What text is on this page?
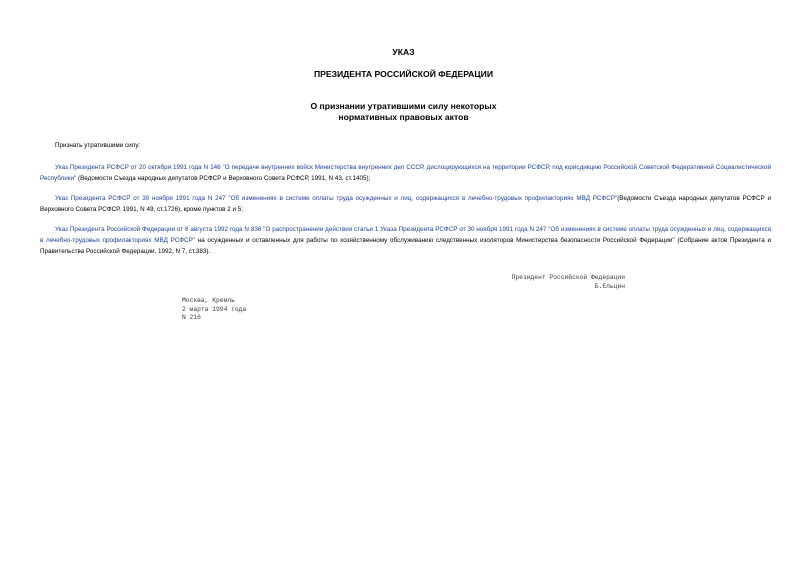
УКАЗ
ПРЕЗИДЕНТА РОССИЙСКОЙ ФЕДЕРАЦИИ
О признании утратившими силу некоторых
нормативных правовых актов

Признать утратившими силу:

Указ Президента РСФСР от 20 октября 1991 года N 146 "О передаче внутренних войск Министерства внутренних дел СССР, дислоцирующихся на территории РСФСР, под юрисдикцию Российской Советской Федеративной Социалистической Республики" (Ведомости Съезда народных депутатов РСФСР и Верховного Совета РСФСР, 1991, N 43, ст.1405);

Указ Президента РСФСР от 30 ноября 1991 года N 247 "Об изменениях в системе оплаты труда осужденных и лиц, содержащихся в лечебно-трудовых профилакториях МВД РСФСР"(Ведомости Съезда народных депутатов РСФСР и Верховного Совета РСФСР, 1991, N 49, ст.1726), кроме пунктов 2 и 5;

Указ Президента Российской Федерации от 6 августа 1992 года N 836 "О распространении действия статьи 1 Указа Президента РСФСР от 30 ноября 1991 года N 247 "Об изменениях в системе оплаты труда осужденных и лиц, содержащихся в лечебно-трудовых профилакториях МВД РСФСР" на осужденных и оставленных для работы по хозяйственному обслуживанию следственных изоляторов Министерства безопасности Российской Федерации" (Собрание актов Президента и Правительства Российской Федерации, 1992, N 7, ст.383).

Президент Российской Федерации
Б.Ельцин
Москва, Кремль
2 марта 1994 года
N 216
